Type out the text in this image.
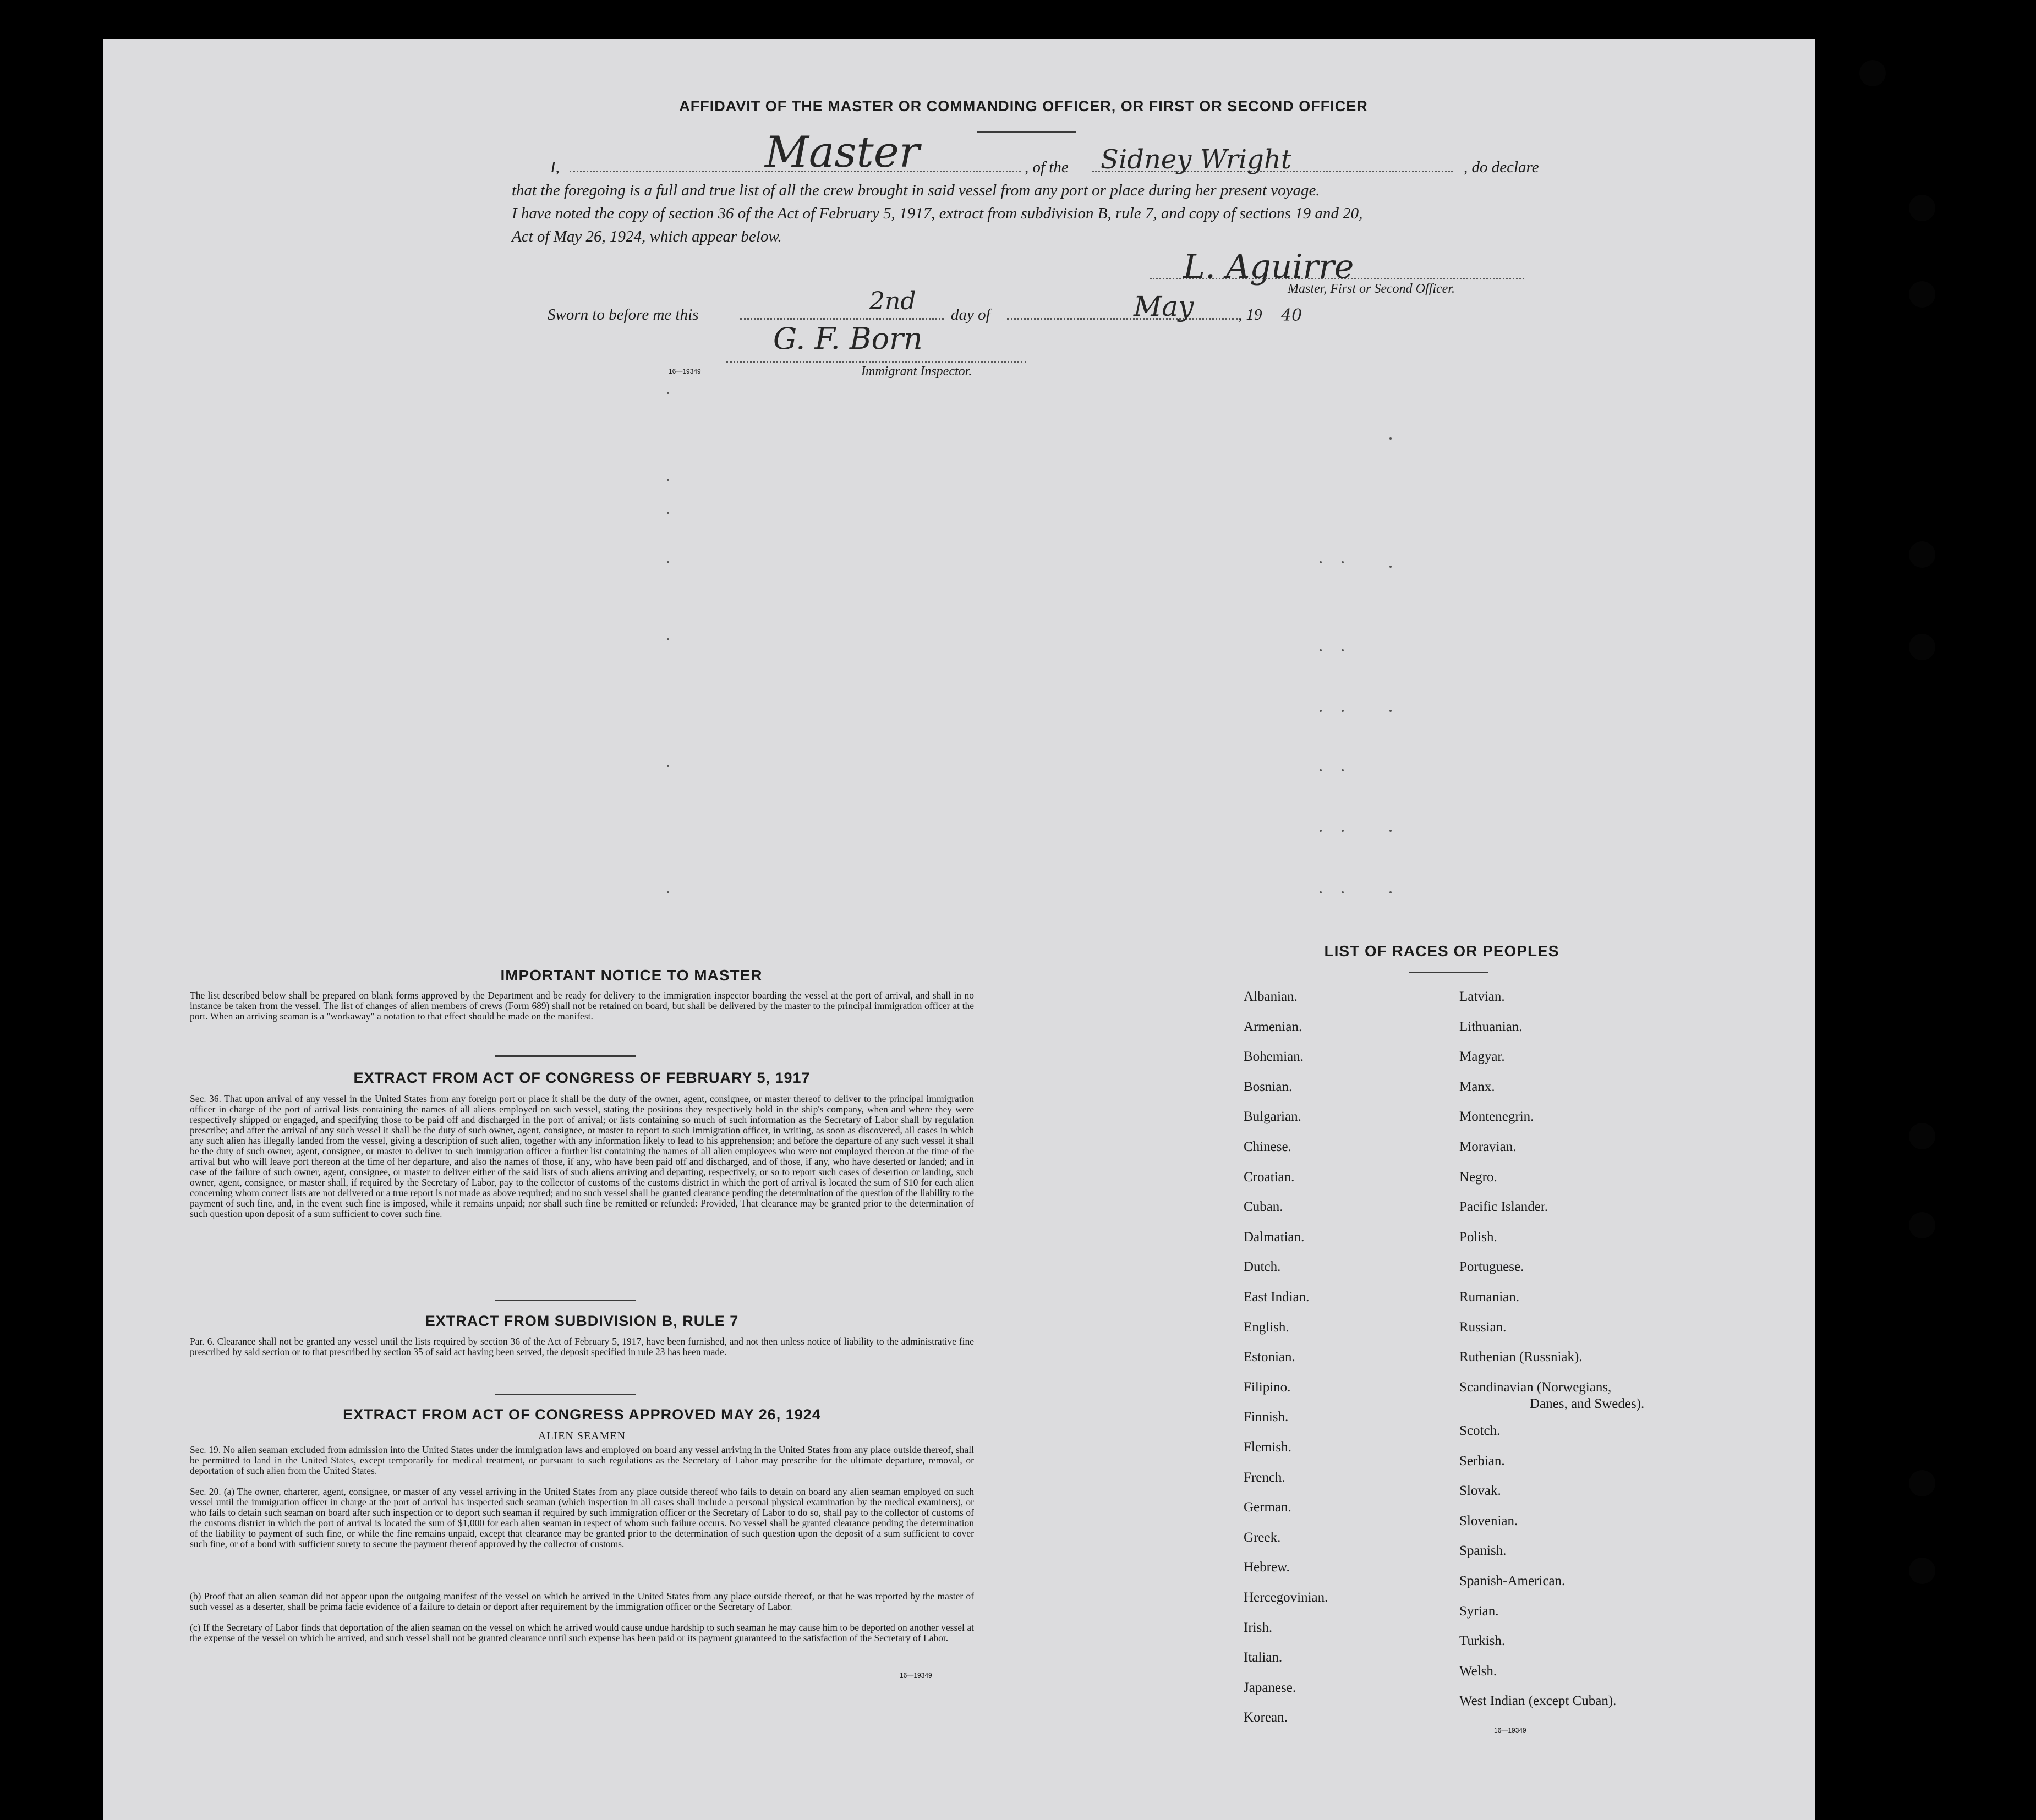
AFFIDAVIT OF THE MASTER OR COMMANDING OFFICER, OR FIRST OR SECOND OFFICER
I,	Master	, of the Sidney Wright	, do declare
that the foregoing is a full and true list of all the crew brought in said vessel from any port or place during her present voyage.
I have noted the copy of section 36 of the Act of February 5, 1917, extract from subdivision B, rule 7, and copy of sections 19 and 20,
Act of May 26, 1924, which appear below.
L. Aguirre
Master, First or Second Officer.
Sworn to before me this	2nd day of	May	, 19 40
G. F. Born
16—19349	Immigrant Inspector.
IMPORTANT NOTICE TO MASTER
The list described below shall be prepared on blank forms approved by the Department and be ready for delivery to the immigration inspector boarding the vessel at the port of arrival, and shall in no instance be taken from the vessel. The list of changes of alien members of crews (Form 689) shall not be retained on board, but shall be delivered by the master to the principal immigration officer at the port. When an arriving seaman is a "workaway" a notation to that effect should be made on the manifest.
EXTRACT FROM ACT OF CONGRESS OF FEBRUARY 5, 1917
Sec. 36. That upon arrival of any vessel in the United States from any foreign port or place it shall be the duty of the owner, agent, consignee, or master thereof to deliver to the principal immigration officer in charge of the port of arrival lists containing the names of all aliens employed on such vessel, stating the positions they respectively hold in the ship's company, when and where they were respectively shipped or engaged, and specifying those to be paid off and discharged in the port of arrival; or lists containing so much of such information as the Secretary of Labor shall by regulation prescribe; and after the arrival of any such vessel it shall be the duty of such owner, agent, consignee, or master to report to such immigration officer, in writing, as soon as discovered, all cases in which any such alien has illegally landed from the vessel, giving a description of such alien, together with any information likely to lead to his apprehension; and before the departure of any such vessel it shall be the duty of such owner, agent, consignee, or master to deliver to such immigration officer a further list containing the names of all alien employees who were not employed thereon at the time of the arrival but who will leave port thereon at the time of her departure, and also the names of those, if any, who have been paid off and discharged, and of those, if any, who have deserted or landed; and in case of the failure of such owner, agent, consignee, or master to deliver either of the said lists of such aliens arriving and departing, respectively, or so to report such cases of desertion or landing, such owner, agent, consignee, or master shall, if required by the Secretary of Labor, pay to the collector of customs of the customs district in which the port of arrival is located the sum of $10 for each alien concerning whom correct lists are not delivered or a true report is not made as above required; and no such vessel shall be granted clearance pending the determination of the question of the liability to the payment of such fine, and, in the event such fine is imposed, while it remains unpaid; nor shall such fine be remitted or refunded: Provided, That clearance may be granted prior to the determination of such question upon deposit of a sum sufficient to cover such fine.
EXTRACT FROM SUBDIVISION B, RULE 7
Par. 6. Clearance shall not be granted any vessel until the lists required by section 36 of the Act of February 5, 1917, have been furnished, and not then unless notice of liability to the administrative fine prescribed by said section or to that prescribed by section 35 of said act having been served, the deposit specified in rule 23 has been made.
EXTRACT FROM ACT OF CONGRESS APPROVED MAY 26, 1924
ALIEN SEAMEN
Sec. 19. No alien seaman excluded from admission into the United States under the immigration laws and employed on board any vessel arriving in the United States from any place outside thereof, shall be permitted to land in the United States, except temporarily for medical treatment, or pursuant to such regulations as the Secretary of Labor may prescribe for the ultimate departure, removal, or deportation of such alien from the United States.
Sec. 20. (a) The owner, charterer, agent, consignee, or master of any vessel arriving in the United States from any place outside thereof who fails to detain on board any alien seaman employed on such vessel until the immigration officer in charge at the port of arrival has inspected such seaman (which inspection in all cases shall include a personal physical examination by the medical examiners), or who fails to detain such seaman on board after such inspection or to deport such seaman if required by such immigration officer or the Secretary of Labor to do so, shall pay to the collector of customs of the customs district in which the port of arrival is located the sum of $1,000 for each alien seaman in respect of whom such failure occurs. No vessel shall be granted clearance pending the determination of the liability to payment of such fine, or while the fine remains unpaid, except that clearance may be granted prior to the determination of such question upon the deposit of a sum sufficient to cover such fine, or of a bond with sufficient surety to secure the payment thereof approved by the collector of customs.
(b) Proof that an alien seaman did not appear upon the outgoing manifest of the vessel on which he arrived in the United States from any place outside thereof, or that he was reported by the master of such vessel as a deserter, shall be prima facie evidence of a failure to detain or deport after requirement by the immigration officer or the Secretary of Labor.
(c) If the Secretary of Labor finds that deportation of the alien seaman on the vessel on which he arrived would cause undue hardship to such seaman he may cause him to be deported on another vessel at the expense of the vessel on which he arrived, and such vessel shall not be granted clearance until such expense has been paid or its payment guaranteed to the satisfaction of the Secretary of Labor.
16—19349
LIST OF RACES OR PEOPLES
Albanian.
Armenian.
Bohemian.
Bosnian.
Bulgarian.
Chinese.
Croatian.
Cuban.
Dalmatian.
Dutch.
East Indian.
English.
Estonian.
Filipino.
Finnish.
Flemish.
French.
German.
Greek.
Hebrew.
Hercegovinian.
Irish.
Italian.
Japanese.
Korean.
Latvian.
Lithuanian.
Magyar.
Manx.
Montenegrin.
Moravian.
Negro.
Pacific Islander.
Polish.
Portuguese.
Rumanian.
Russian.
Ruthenian (Russniak).
Scandinavian (Norwegians,
Danes, and Swedes).
Scotch.
Serbian.
Slovak.
Slovenian.
Spanish.
Spanish-American.
Syrian.
Turkish.
Welsh.
West Indian (except Cuban).
16—19349
